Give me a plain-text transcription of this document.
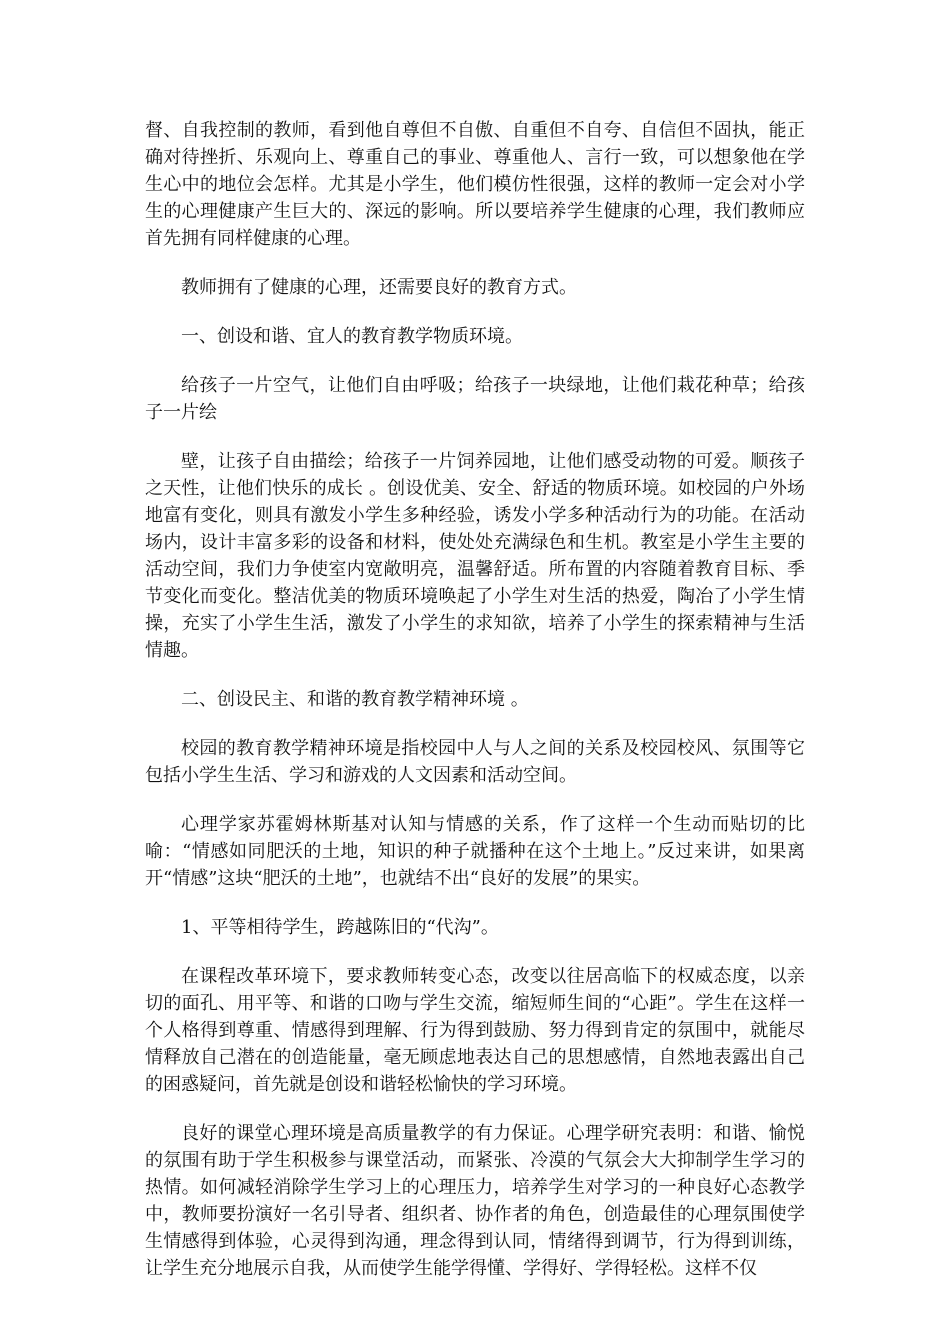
督、自我控制的教师，看到他自尊但不自傲、自重但不自夸、自信但不固执，能正确对待挫折、乐观向上、尊重自己的事业、尊重他人、言行一致，可以想象他在学生心中的地位会怎样。尤其是小学生，他们模仿性很强，这样的教师一定会对小学生的心理健康产生巨大的、深远的影响。所以要培养学生健康的心理，我们教师应首先拥有同样健康的心理。

教师拥有了健康的心理，还需要良好的教育方式。

一、创设和谐、宜人的教育教学物质环境。

给孩子一片空气，让他们自由呼吸；给孩子一块绿地，让他们栽花种草；给孩子一片绘

壁，让孩子自由描绘；给孩子一片饲养园地，让他们感受动物的可爱。顺孩子之天性，让他们快乐的成长 。创设优美、安全、舒适的物质环境。如校园的户外场地富有变化，则具有激发小学生多种经验，诱发小学多种活动行为的功能。在活动场内，设计丰富多彩的设备和材料，使处处充满绿色和生机。教室是小学生主要的活动空间，我们力争使室内宽敞明亮，温馨舒适。所布置的内容随着教育目标、季节变化而变化。整洁优美的物质环境唤起了小学生对生活的热爱，陶冶了小学生情操，充实了小学生生活，激发了小学生的求知欲，培养了小学生的探索精神与生活情趣。

二、创设民主、和谐的教育教学精神环境 。

校园的教育教学精神环境是指校园中人与人之间的关系及校园校风、氛围等它包括小学生生活、学习和游戏的人文因素和活动空间。

心理学家苏霍姆林斯基对认知与情感的关系，作了这样一个生动而贴切的比喻：“情感如同肥沃的土地，知识的种子就播种在这个土地上。”反过来讲，如果离开“情感”这块“肥沃的土地”，也就结不出“良好的发展”的果实。

1、平等相待学生，跨越陈旧的“代沟”。

在课程改革环境下，要求教师转变心态，改变以往居高临下的权威态度，以亲切的面孔、用平等、和谐的口吻与学生交流，缩短师生间的“心距”。学生在这样一个人格得到尊重、情感得到理解、行为得到鼓励、努力得到肯定的氛围中，就能尽情释放自己潜在的创造能量，毫无顾虑地表达自己的思想感情，自然地表露出自己的困惑疑问，首先就是创设和谐轻松愉快的学习环境。

良好的课堂心理环境是高质量教学的有力保证。心理学研究表明：和谐、愉悦的氛围有助于学生积极参与课堂活动，而紧张、冷漠的气氛会大大抑制学生学习的热情。如何减轻消除学生学习上的心理压力，培养学生对学习的一种良好心态教学中，教师要扮演好一名引导者、组织者、协作者的角色，创造最佳的心理氛围使学生情感得到体验，心灵得到沟通，理念得到认同，情绪得到调节，行为得到训练，让学生充分地展示自我，从而使学生能学得懂、学得好、学得轻松。这样不仅
